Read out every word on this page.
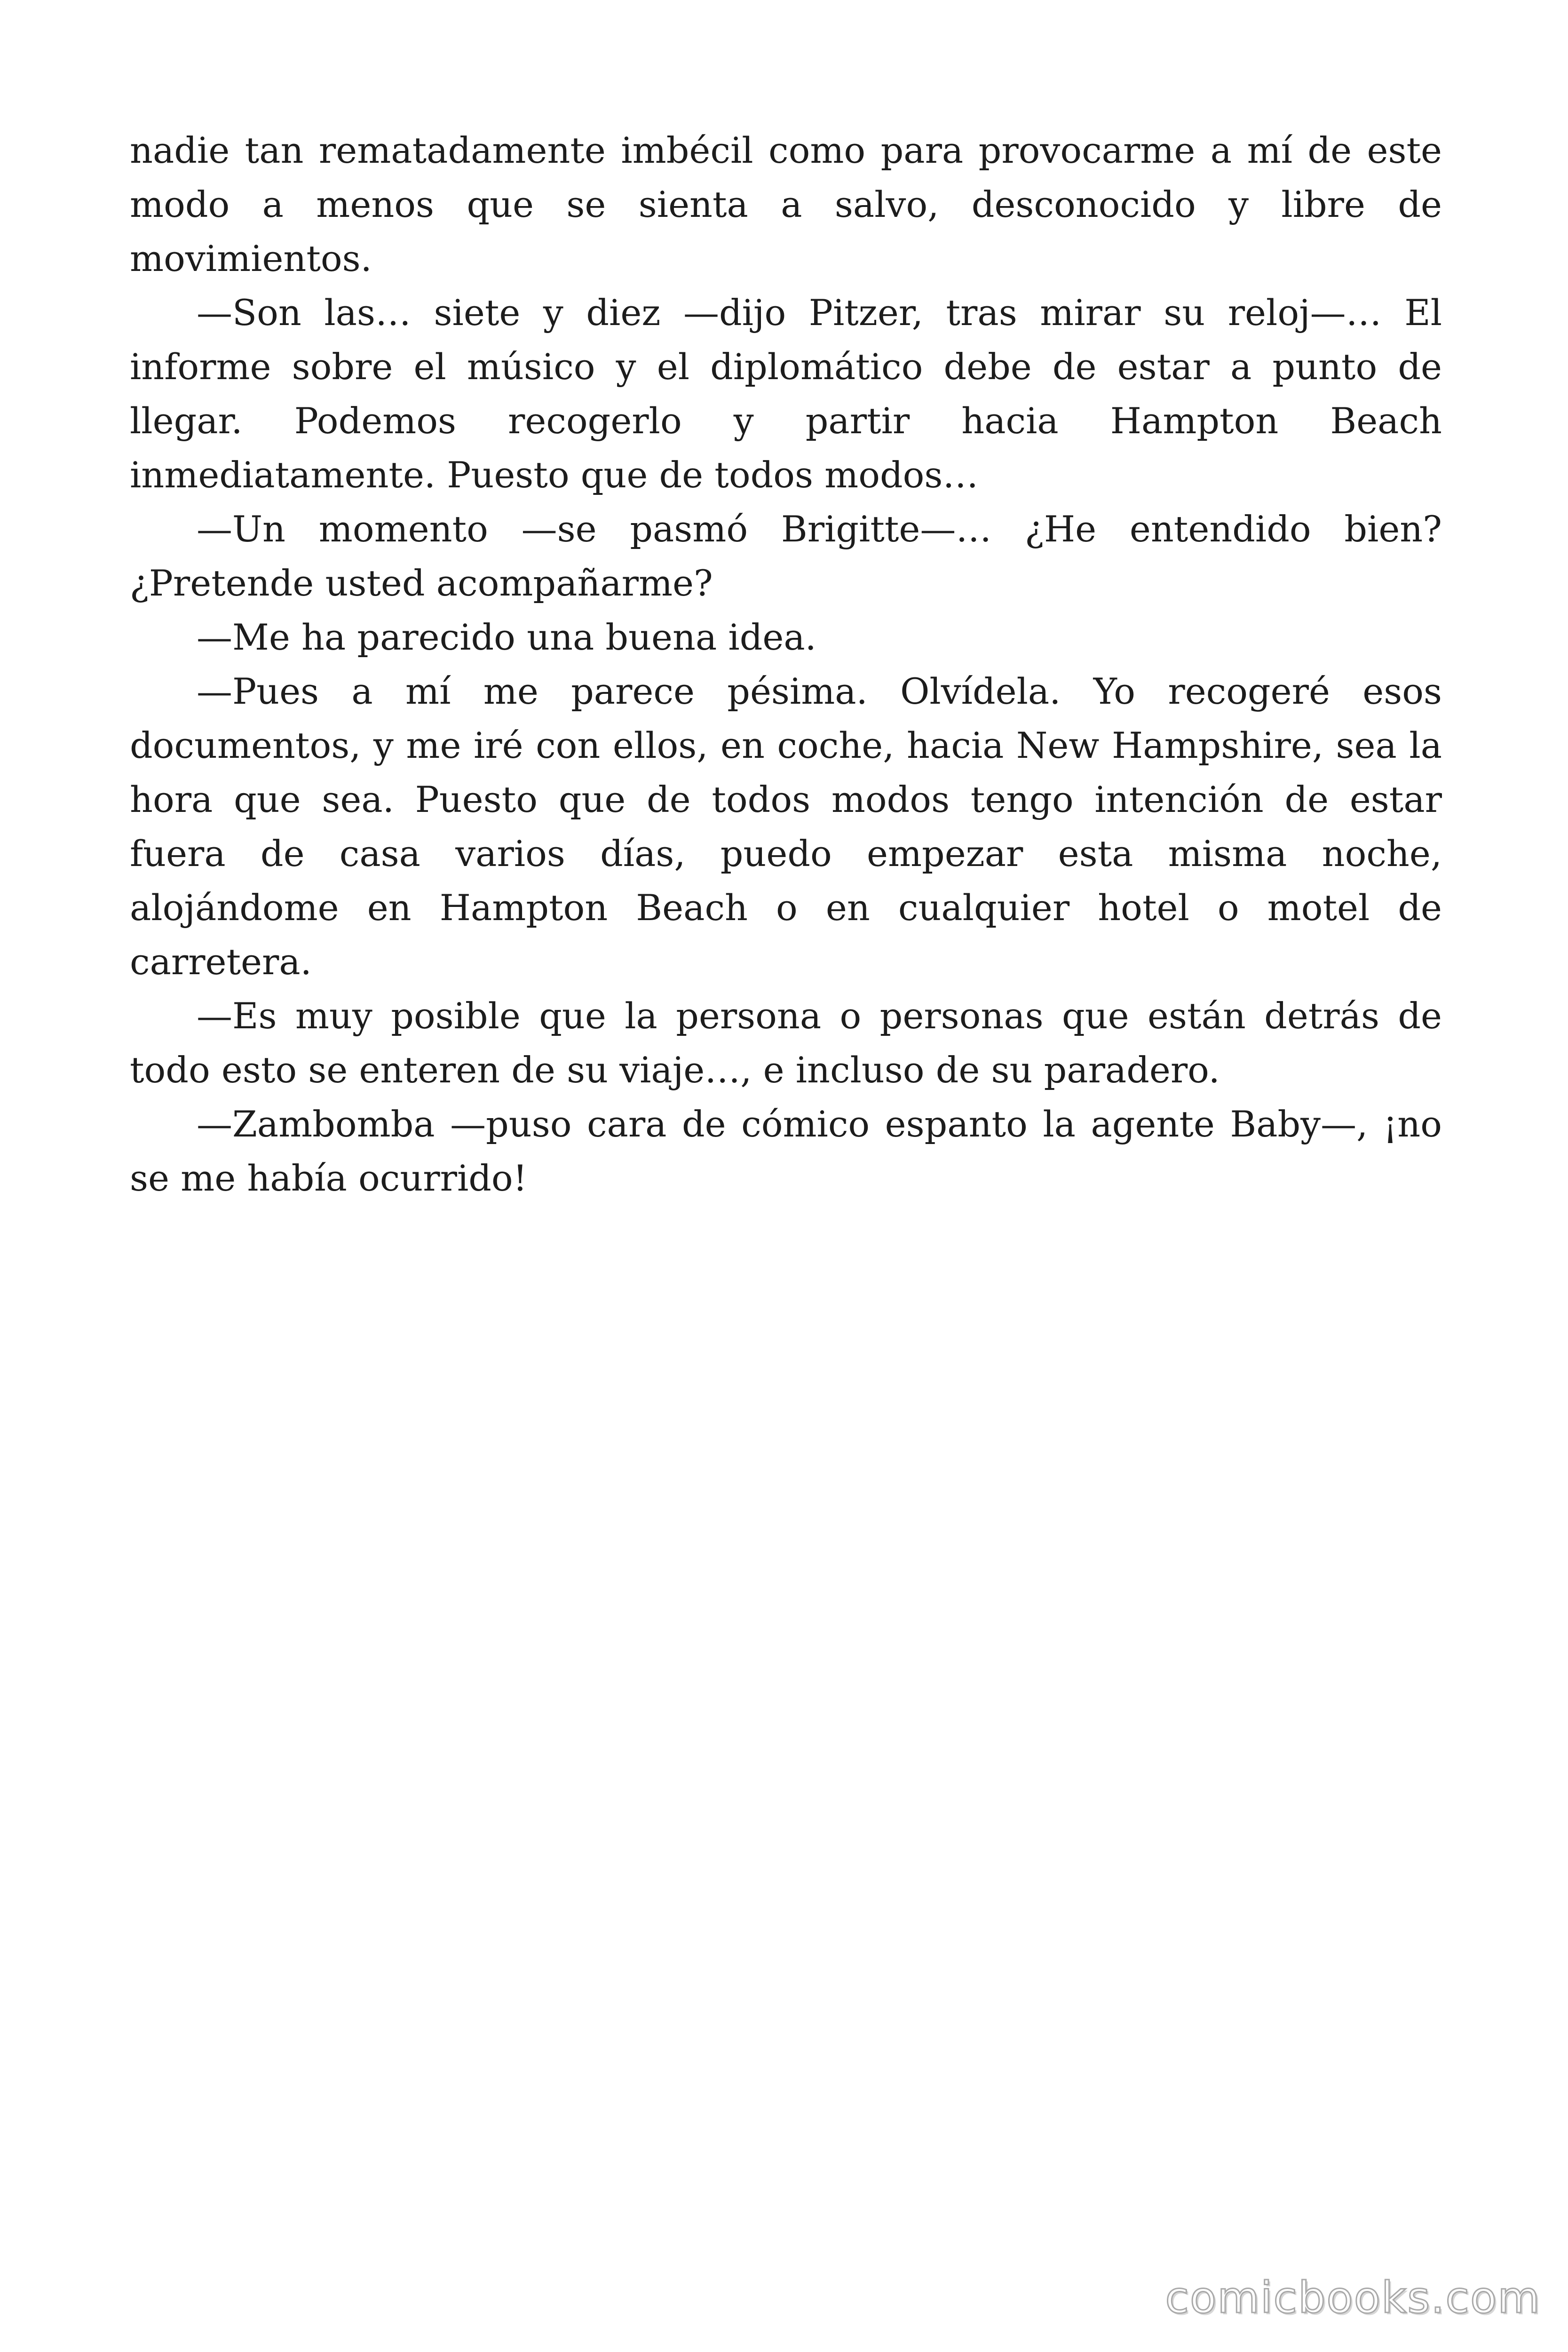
nadie tan rematadamente imbécil como para provocarme a mí de este modo a menos que se sienta a salvo, desconocido y libre de movimientos.

—Son las… siete y diez —dijo Pitzer, tras mirar su reloj—… El informe sobre el músico y el diplomático debe de estar a punto de llegar. Podemos recogerlo y partir hacia Hampton Beach inmediatamente. Puesto que de todos modos…

—Un momento —se pasmó Brigitte—… ¿He entendido bien? ¿Pretende usted acompañarme?

—Me ha parecido una buena idea.

—Pues a mí me parece pésima. Olvídela. Yo recogeré esos documentos, y me iré con ellos, en coche, hacia New Hampshire, sea la hora que sea. Puesto que de todos modos tengo intención de estar fuera de casa varios días, puedo empezar esta misma noche, alojándome en Hampton Beach o en cualquier hotel o motel de carretera.

—Es muy posible que la persona o personas que están detrás de todo esto se enteren de su viaje…, e incluso de su paradero.

—Zambomba —puso cara de cómico espanto la agente Baby—, ¡no se me había ocurrido!

comicbooks.com
